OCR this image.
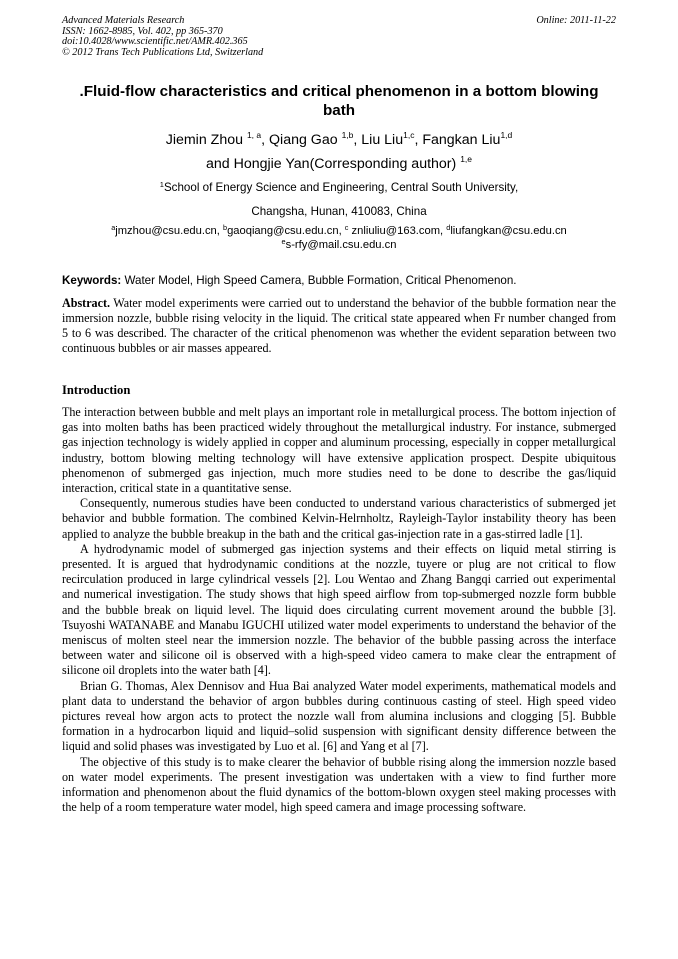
Advanced Materials Research
ISSN: 1662-8985, Vol. 402, pp 365-370
doi:10.4028/www.scientific.net/AMR.402.365
© 2012 Trans Tech Publications Ltd, Switzerland
Online: 2011-11-22
.Fluid-flow characteristics and critical phenomenon in a bottom blowing bath
Jiemin Zhou $^{1, a}$, Qiang Gao $^{1,b}$, Liu Liu$^{1,c}$, Fangkan Liu$^{1,d}$
and Hongjie Yan(Corresponding author) $^{1,e}$
$^1$School of Energy Science and Engineering, Central South University,
Changsha, Hunan, 410083, China
$^a$jmzhou@csu.edu.cn, $^b$gaoqiang@csu.edu.cn, $^c$ znliuliu@163.com, $^d$liufangkan@csu.edu.cn
$^e$s-rfy@mail.csu.edu.cn
Keywords: Water Model, High Speed Camera, Bubble Formation, Critical Phenomenon.
Abstract. Water model experiments were carried out to understand the behavior of the bubble formation near the immersion nozzle, bubble rising velocity in the liquid. The critical state appeared when Fr number changed from 5 to 6 was described. The character of the critical phenomenon was whether the evident separation between two continuous bubbles or air masses appeared.
Introduction

The interaction between bubble and melt plays an important role in metallurgical process. The bottom injection of gas into molten baths has been practiced widely throughout the metallurgical industry. For instance, submerged gas injection technology is widely applied in copper and aluminum processing, especially in copper metallurgical industry, bottom blowing melting technology will have extensive application prospect. Despite ubiquitous phenomenon of submerged gas injection, much more studies need to be done to describe the gas/liquid interaction, critical state in a quantitative sense.

Consequently, numerous studies have been conducted to understand various characteristics of submerged jet behavior and bubble formation. The combined Kelvin-Helrnholtz, Rayleigh-Taylor instability theory has been applied to analyze the bubble breakup in the bath and the critical gas-injection rate in a gas-stirred ladle [1].

A hydrodynamic model of submerged gas injection systems and their effects on liquid metal stirring is presented. It is argued that hydrodynamic conditions at the nozzle, tuyere or plug are not critical to flow recirculation produced in large cylindrical vessels [2]. Lou Wentao and Zhang Bangqi carried out experimental and numerical investigation. The study shows that high speed airflow from top-submerged nozzle form bubble and the bubble break on liquid level. The liquid does circulating current movement around the bubble [3]. Tsuyoshi WATANABE and Manabu IGUCHI utilized water model experiments to understand the behavior of the meniscus of molten steel near the immersion nozzle. The behavior of the bubble passing across the interface between water and silicone oil is observed with a high-speed video camera to make clear the entrapment of silicone oil droplets into the water bath [4].

Brian G. Thomas, Alex Dennisov and Hua Bai analyzed Water model experiments, mathematical models and plant data to understand the behavior of argon bubbles during continuous casting of steel. High speed video pictures reveal how argon acts to protect the nozzle wall from alumina inclusions and clogging [5]. Bubble formation in a hydrocarbon liquid and liquid–solid suspension with significant density difference between the liquid and solid phases was investigated by Luo et al. [6] and Yang et al [7].

The objective of this study is to make clearer the behavior of bubble rising along the immersion nozzle based on water model experiments. The present investigation was undertaken with a view to find further more information and phenomenon about the fluid dynamics of the bottom-blown oxygen steel making processes with the help of a room temperature water model, high speed camera and image processing software.
